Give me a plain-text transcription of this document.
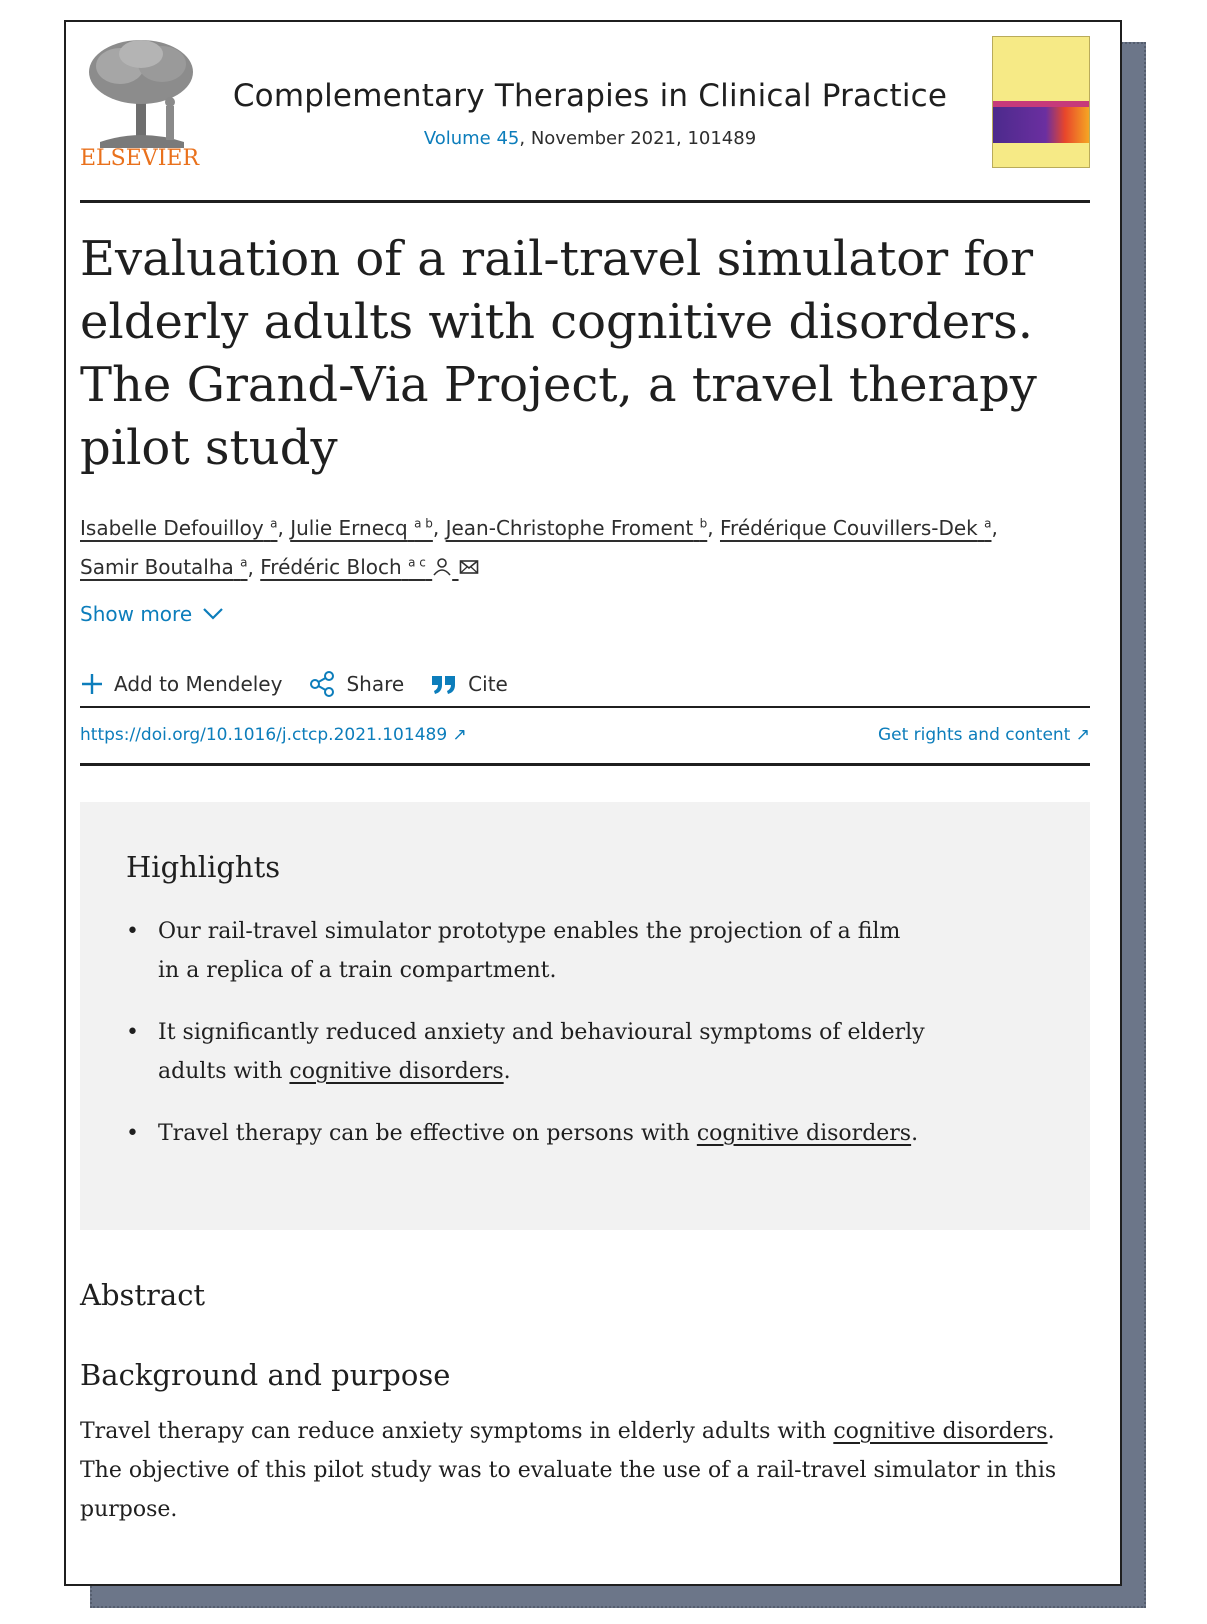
ELSEVIER
Complementary Therapies in Clinical Practice
Volume 45, November 2021, 101489
Evaluation of a rail-travel simulator for elderly adults with cognitive disorders. The Grand-Via Project, a travel therapy pilot study
Isabelle Defouilloy $^a$, Julie Ernecq $^{a b}$, Jean-Christophe Froment $^b$, Frédérique Couvillers-Dek $^a$,
Samir Boutalha $^a$, Frédéric Bloch $^{a c}$
Show more
Add to Mendeley	Share	Cite
https://doi.org/10.1016/j.ctcp.2021.101489 ↗	Get rights and content ↗
Highlights
• Our rail-travel simulator prototype enables the projection of a film in a replica of a train compartment.
• It significantly reduced anxiety and behavioural symptoms of elderly adults with cognitive disorders.
• Travel therapy can be effective on persons with cognitive disorders.
Abstract
Background and purpose

Travel therapy can reduce anxiety symptoms in elderly adults with cognitive disorders. The objective of this pilot study was to evaluate the use of a rail-travel simulator in this purpose.
